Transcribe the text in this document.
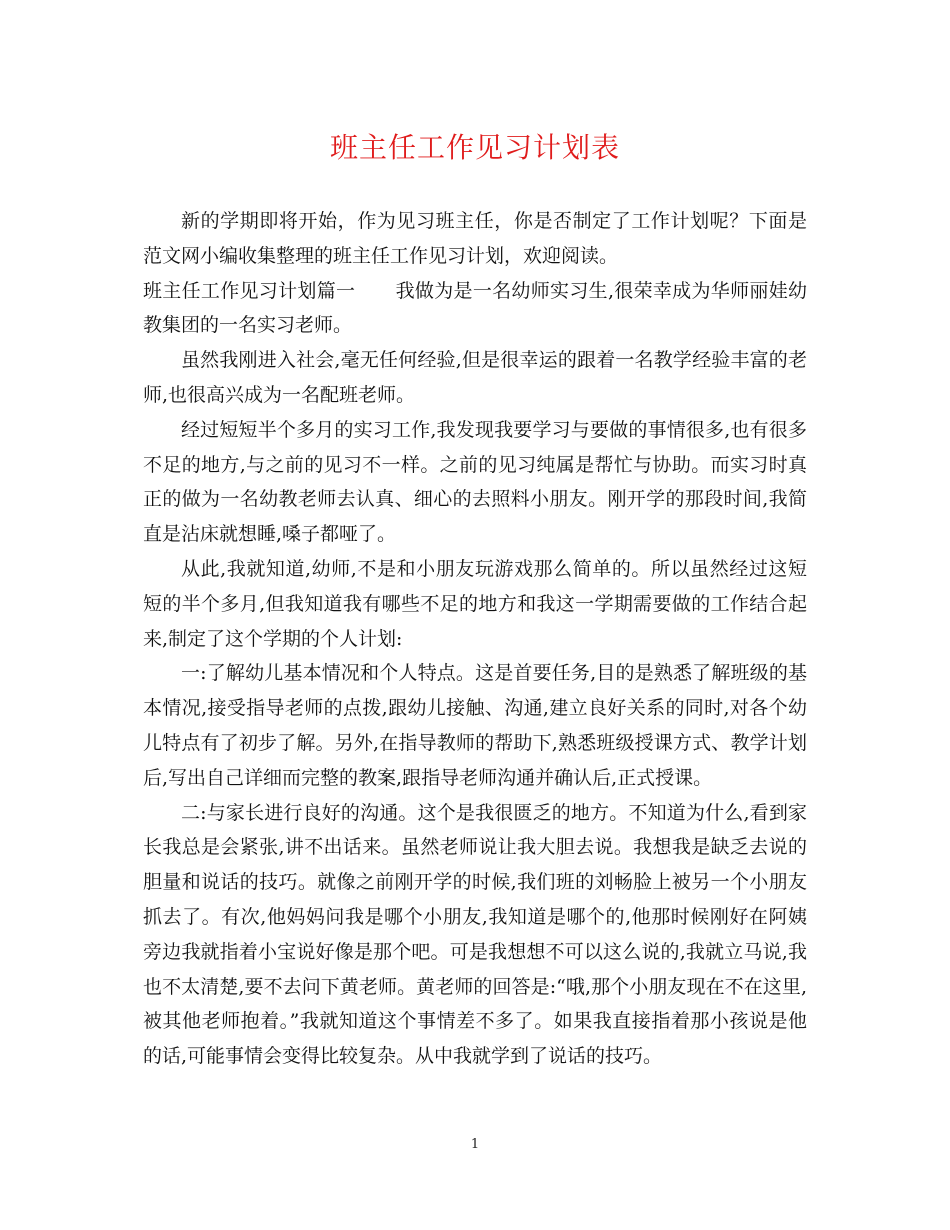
班主任工作见习计划表

新的学期即将开始，作为见习班主任，你是否制定了工作计划呢？下面是范文网小编收集整理的班主任工作见习计划，欢迎阅读。

班主任工作见习计划篇一 我做为是一名幼师实习生,很荣幸成为华师丽娃幼教集团的一名实习老师。

虽然我刚进入社会,毫无任何经验,但是很幸运的跟着一名教学经验丰富的老师,也很高兴成为一名配班老师。

经过短短半个多月的实习工作,我发现我要学习与要做的事情很多,也有很多不足的地方,与之前的见习不一样。之前的见习纯属是帮忙与协助。而实习时真正的做为一名幼教老师去认真、细心的去照料小朋友。刚开学的那段时间,我简直是沾床就想睡,嗓子都哑了。

从此,我就知道,幼师,不是和小朋友玩游戏那么简单的。所以虽然经过这短短的半个多月,但我知道我有哪些不足的地方和我这一学期需要做的工作结合起来,制定了这个学期的个人计划:

一:了解幼儿基本情况和个人特点。这是首要任务,目的是熟悉了解班级的基本情况,接受指导老师的点拨,跟幼儿接触、沟通,建立良好关系的同时,对各个幼儿特点有了初步了解。另外,在指导教师的帮助下,熟悉班级授课方式、教学计划后,写出自己详细而完整的教案,跟指导老师沟通并确认后,正式授课。

二:与家长进行良好的沟通。这个是我很匮乏的地方。不知道为什么,看到家长我总是会紧张,讲不出话来。虽然老师说让我大胆去说。我想我是缺乏去说的胆量和说话的技巧。就像之前刚开学的时候,我们班的刘畅脸上被另一个小朋友抓去了。有次,他妈妈问我是哪个小朋友,我知道是哪个的,他那时候刚好在阿姨旁边我就指着小宝说好像是那个吧。可是我想想不可以这么说的,我就立马说,我也不太清楚,要不去问下黄老师。黄老师的回答是:“哦,那个小朋友现在不在这里,被其他老师抱着。”我就知道这个事情差不多了。如果我直接指着那小孩说是他的话,可能事情会变得比较复杂。从中我就学到了说话的技巧。

1
